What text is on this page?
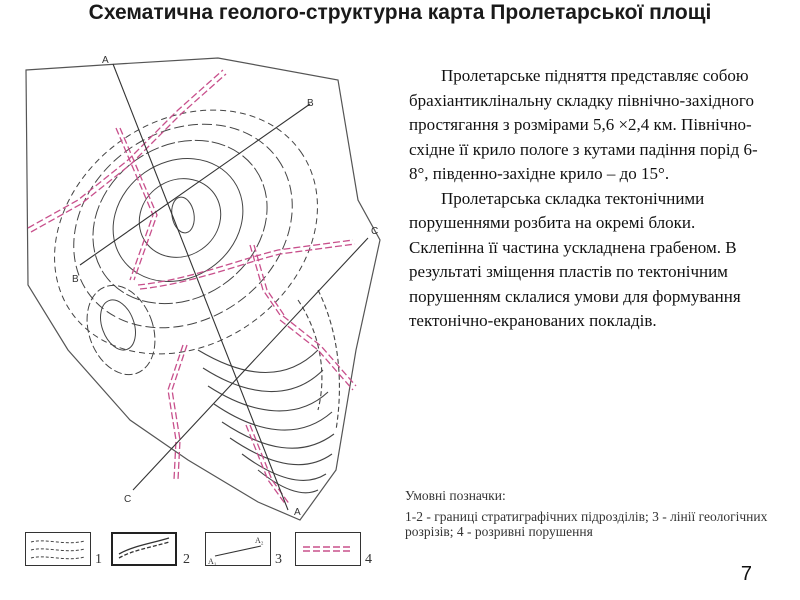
Схематична геолого-структурна карта Пролетарської площі
A
A
B
B
C
C

Пролетарське підняття представляє собою брахіантиклінальну складку північно-західного простягання з розмірами 5,6 ×2,4 км. Північно-східне її крило пологе з кутами падіння порід 6-8°, південно-західне крило – до 15°.

Пролетарська складка тектонічними порушеннями розбита на окремі блоки. Склепінна її частина ускладнена грабеном. В результаті зміщення пластів по тектонічним порушенням склалися умови для формування тектонічно-екранованих покладів.

Умовні позначки:

1-2 - границі стратиграфічних підрозділів; 3 - лінії геологічних розрізів; 4 - розривні порушення

1	2 A₁
A₂
3	4
7
